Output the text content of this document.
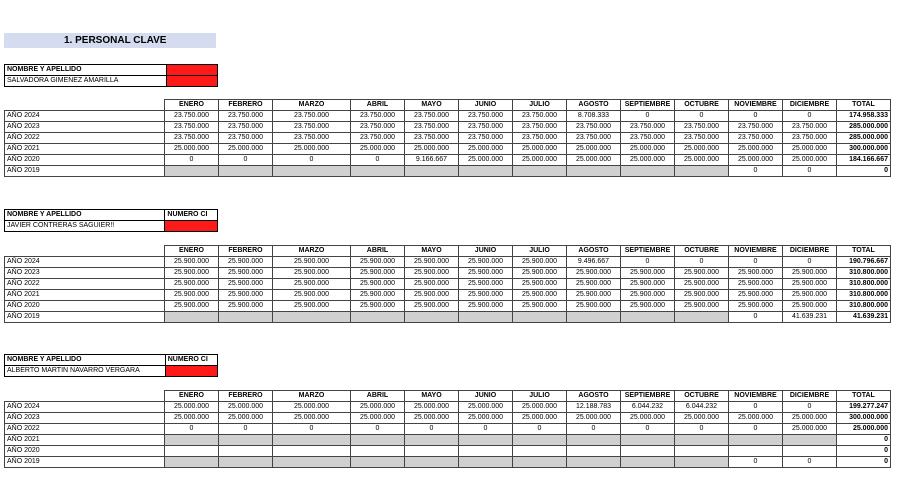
1. PERSONAL CLAVE
NOMBRE Y APELLIDO	
SALVADORA GIMENEZ AMARILLA	
	ENERO	FEBRERO	MARZO	ABRIL	MAYO	JUNIO	JULIO	AGOSTO	SEPTIEMBRE	OCTUBRE	NOVIEMBRE	DICIEMBRE	TOTAL
AÑO 2024	23.750.000	23.750.000	23.750.000	23.750.000	23.750.000	23.750.000	23.750.000	8.708.333	0	0	0	0	174.958.333
AÑO 2023	23.750.000	23.750.000	23.750.000	23.750.000	23.750.000	23.750.000	23.750.000	23.750.000	23.750.000	23.750.000	23.750.000	23.750.000	285.000.000
AÑO 2022	23.750.000	23.750.000	23.750.000	23.750.000	23.750.000	23.750.000	23.750.000	23.750.000	23.750.000	23.750.000	23.750.000	23.750.000	285.000.000
AÑO 2021	25.000.000	25.000.000	25.000.000	25.000.000	25.000.000	25.000.000	25.000.000	25.000.000	25.000.000	25.000.000	25.000.000	25.000.000	300.000.000
AÑO 2020	0	0	0	0	9.166.667	25.000.000	25.000.000	25.000.000	25.000.000	25.000.000	25.000.000	25.000.000	184.166.667
AÑO 2019											0	0	0
NOMBRE Y APELLIDO	NUMERO CI
JAVIER CONTRERAS SAGUIER!!	
	ENERO	FEBRERO	MARZO	ABRIL	MAYO	JUNIO	JULIO	AGOSTO	SEPTIEMBRE	OCTUBRE	NOVIEMBRE	DICIEMBRE	TOTAL
AÑO 2024	25.900.000	25.900.000	25.900.000	25.900.000	25.900.000	25.900.000	25.900.000	9.496.667	0	0	0	0	190.796.667
AÑO 2023	25.900.000	25.900.000	25.900.000	25.900.000	25.900.000	25.900.000	25.900.000	25.900.000	25.900.000	25.900.000	25.900.000	25.900.000	310.800.000
AÑO 2022	25.900.000	25.900.000	25.900.000	25.900.000	25.900.000	25.900.000	25.900.000	25.900.000	25.900.000	25.900.000	25.900.000	25.900.000	310.800.000
AÑO 2021	25.900.000	25.900.000	25.900.000	25.900.000	25.900.000	25.900.000	25.900.000	25.900.000	25.900.000	25.900.000	25.900.000	25.900.000	310.800.000
AÑO 2020	25.900.000	25.900.000	25.900.000	25.900.000	25.900.000	25.900.000	25.900.000	25.900.000	25.900.000	25.900.000	25.900.000	25.900.000	310.800.000
AÑO 2019											0	41.639.231	41.639.231
NOMBRE Y APELLIDO	NUMERO CI
ALBERTO MARTIN NAVARRO VERGARA	
	ENERO	FEBRERO	MARZO	ABRIL	MAYO	JUNIO	JULIO	AGOSTO	SEPTIEMBRE	OCTUBRE	NOVIEMBRE	DICIEMBRE	TOTAL
AÑO 2024	25.000.000	25.000.000	25.000.000	25.000.000	25.000.000	25.000.000	25.000.000	12.188.783	6.044.232	6.044.232	0	0	199.277.247
AÑO 2023	25.000.000	25.000.000	25.000.000	25.000.000	25.000.000	25.000.000	25.000.000	25.000.000	25.000.000	25.000.000	25.000.000	25.000.000	300.000.000
AÑO 2022	0	0	0	0	0	0	0	0	0	0	0	25.000.000	25.000.000
AÑO 2021													0
AÑO 2020													0
AÑO 2019											0	0	0
